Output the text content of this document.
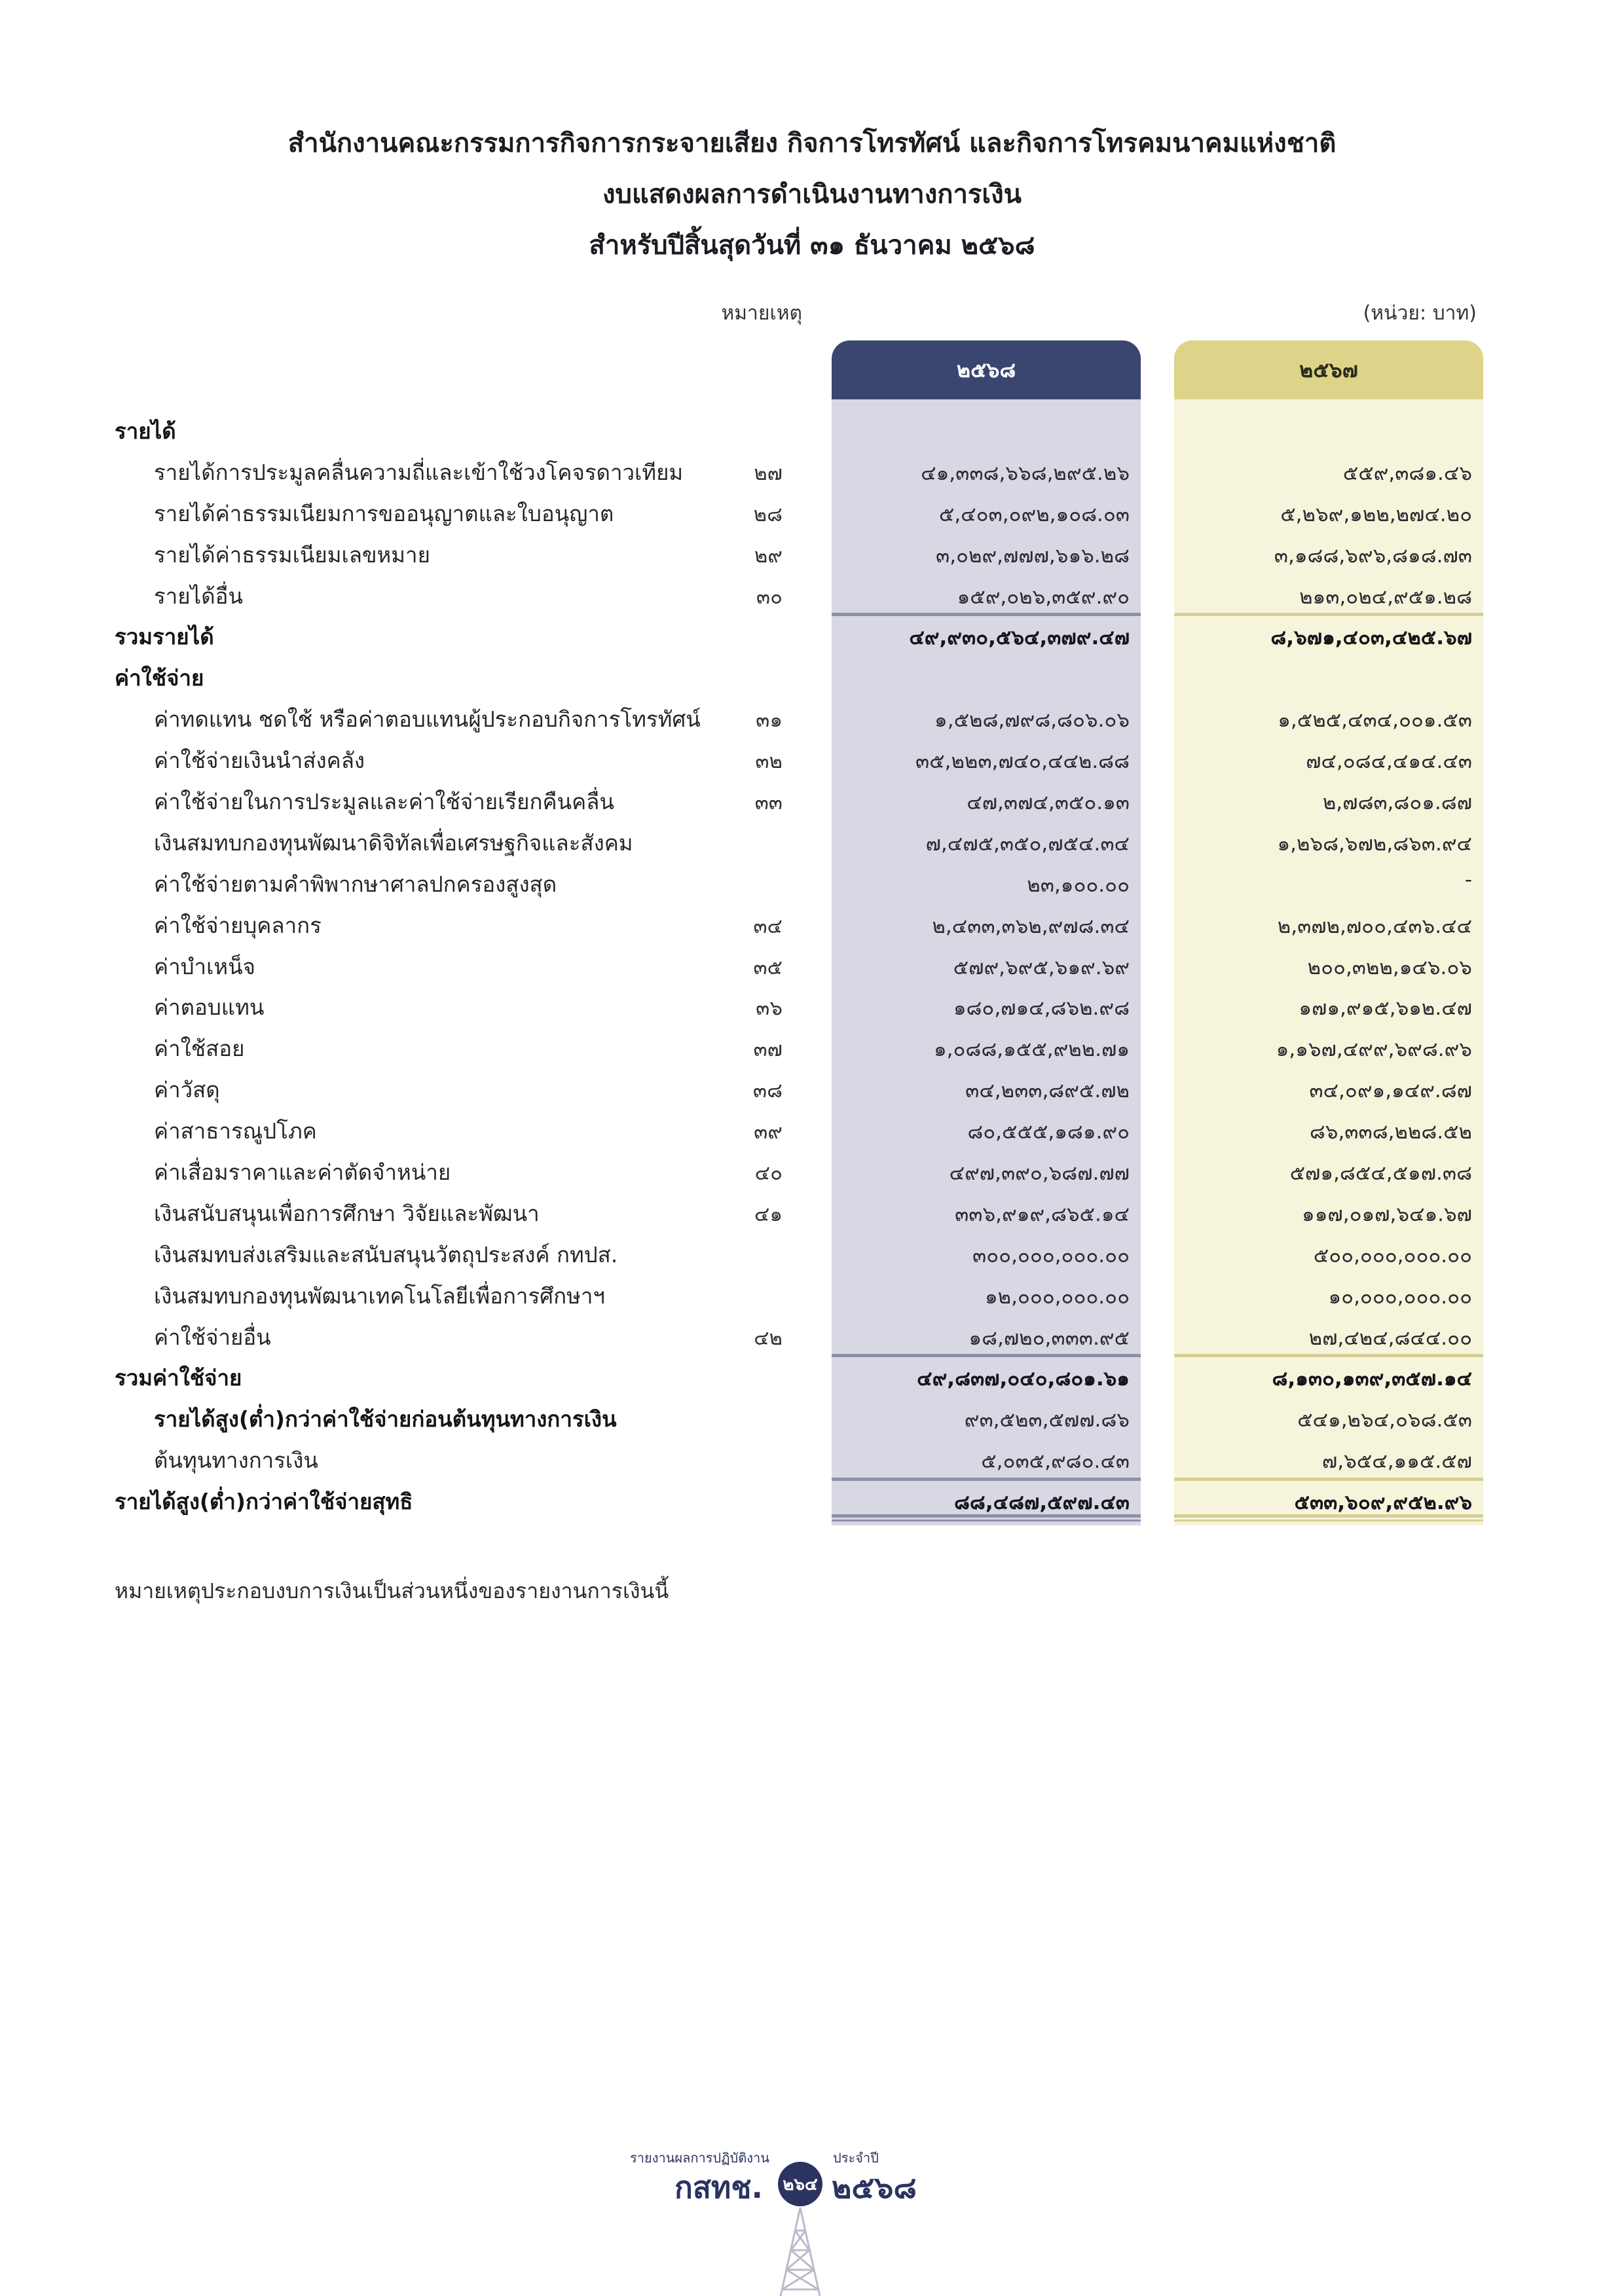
สำนักงานคณะกรรมการกิจการกระจายเสียง กิจการโทรทัศน์ และกิจการโทรคมนาคมแห่งชาติ
งบแสดงผลการดำเนินงานทางการเงิน
สำหรับปีสิ้นสุดวันที่ ๓๑ ธันวาคม ๒๕๖๘
หมายเหตุ	(หน่วย: บาท)
๒๕๖๘	๒๕๖๗
รายได้
รายได้การประมูลคลื่นความถี่และเข้าใช้วงโคจรดาวเทียม	๒๗	๔๑,๓๓๘,๖๖๘,๒๙๕.๒๖	๕๕๙,๓๘๑.๔๖
รายได้ค่าธรรมเนียมการขออนุญาตและใบอนุญาต	๒๘	๕,๔๐๓,๐๙๒,๑๐๘.๐๓	๕,๒๖๙,๑๒๒,๒๗๔.๒๐
รายได้ค่าธรรมเนียมเลขหมาย	๒๙	๓,๐๒๙,๗๗๗,๖๑๖.๒๘	๓,๑๘๘,๖๙๖,๘๑๘.๗๓
รายได้อื่น	๓๐	๑๕๙,๐๒๖,๓๕๙.๙๐	๒๑๓,๐๒๔,๙๕๑.๒๘
รวมรายได้	๔๙,๙๓๐,๕๖๔,๓๗๙.๔๗	๘,๖๗๑,๔๐๓,๔๒๕.๖๗
ค่าใช้จ่าย
ค่าทดแทน ชดใช้ หรือค่าตอบแทนผู้ประกอบกิจการโทรทัศน์	๓๑	๑,๕๒๘,๗๙๘,๘๐๖.๐๖	๑,๕๒๕,๔๓๔,๐๐๑.๕๓
ค่าใช้จ่ายเงินนำส่งคลัง	๓๒	๓๕,๒๒๓,๗๔๐,๔๔๒.๘๘	๗๔,๐๘๔,๔๑๔.๔๓
ค่าใช้จ่ายในการประมูลและค่าใช้จ่ายเรียกคืนคลื่น	๓๓	๔๗,๓๗๔,๓๕๐.๑๓	๒,๗๘๓,๘๐๑.๘๗
เงินสมทบกองทุนพัฒนาดิจิทัลเพื่อเศรษฐกิจและสังคม	๗,๔๗๕,๓๕๐,๗๕๔.๓๔	๑,๒๖๘,๖๗๒,๘๖๓.๙๔
ค่าใช้จ่ายตามคำพิพากษาศาลปกครองสูงสุด	๒๓,๑๐๐.๐๐	-
ค่าใช้จ่ายบุคลากร	๓๔	๒,๔๓๓,๓๖๒,๙๗๘.๓๔	๒,๓๗๒,๗๐๐,๔๓๖.๔๔
ค่าบำเหน็จ	๓๕	๕๗๙,๖๙๕,๖๑๙.๖๙	๒๐๐,๓๒๒,๑๔๖.๐๖
ค่าตอบแทน	๓๖	๑๘๐,๗๑๔,๘๖๒.๙๘	๑๗๑,๙๑๕,๖๑๒.๔๗
ค่าใช้สอย	๓๗	๑,๐๘๘,๑๕๕,๙๒๒.๗๑	๑,๑๖๗,๔๙๙,๖๙๘.๙๖
ค่าวัสดุ	๓๘	๓๔,๒๓๓,๘๙๕.๗๒	๓๔,๐๙๑,๑๔๙.๘๗
ค่าสาธารณูปโภค	๓๙	๘๐,๕๕๕,๑๘๑.๙๐	๘๖,๓๓๘,๒๒๘.๕๒
ค่าเสื่อมราคาและค่าตัดจำหน่าย	๔๐	๔๙๗,๓๙๐,๖๘๗.๗๗	๕๗๑,๘๕๔,๕๑๗.๓๘
เงินสนับสนุนเพื่อการศึกษา วิจัยและพัฒนา	๔๑	๓๓๖,๙๑๙,๘๖๕.๑๔	๑๑๗,๐๑๗,๖๔๑.๖๗
เงินสมทบส่งเสริมและสนับสนุนวัตถุประสงค์ กทปส.	๓๐๐,๐๐๐,๐๐๐.๐๐	๕๐๐,๐๐๐,๐๐๐.๐๐
เงินสมทบกองทุนพัฒนาเทคโนโลยีเพื่อการศึกษาฯ	๑๒,๐๐๐,๐๐๐.๐๐	๑๐,๐๐๐,๐๐๐.๐๐
ค่าใช้จ่ายอื่น	๔๒	๑๘,๗๒๐,๓๓๓.๙๕	๒๗,๔๒๔,๘๔๔.๐๐
รวมค่าใช้จ่าย	๔๙,๘๓๗,๐๔๐,๘๐๑.๖๑	๘,๑๓๐,๑๓๙,๓๕๗.๑๔
รายได้สูง(ต่ำ)กว่าค่าใช้จ่ายก่อนต้นทุนทางการเงิน	๙๓,๕๒๓,๕๗๗.๘๖	๕๔๑,๒๖๔,๐๖๘.๕๓
ต้นทุนทางการเงิน	๕,๐๓๕,๙๘๐.๔๓	๗,๖๕๔,๑๑๕.๕๗
รายได้สูง(ต่ำ)กว่าค่าใช้จ่ายสุทธิ	๘๘,๔๘๗,๕๙๗.๔๓	๕๓๓,๖๐๙,๙๕๒.๙๖
หมายเหตุประกอบงบการเงินเป็นส่วนหนึ่งของรายงานการเงินนี้
รายงานผลการปฏิบัติงาน	ประจำปี
กสทช. ๒๖๔ ๒๕๖๘
